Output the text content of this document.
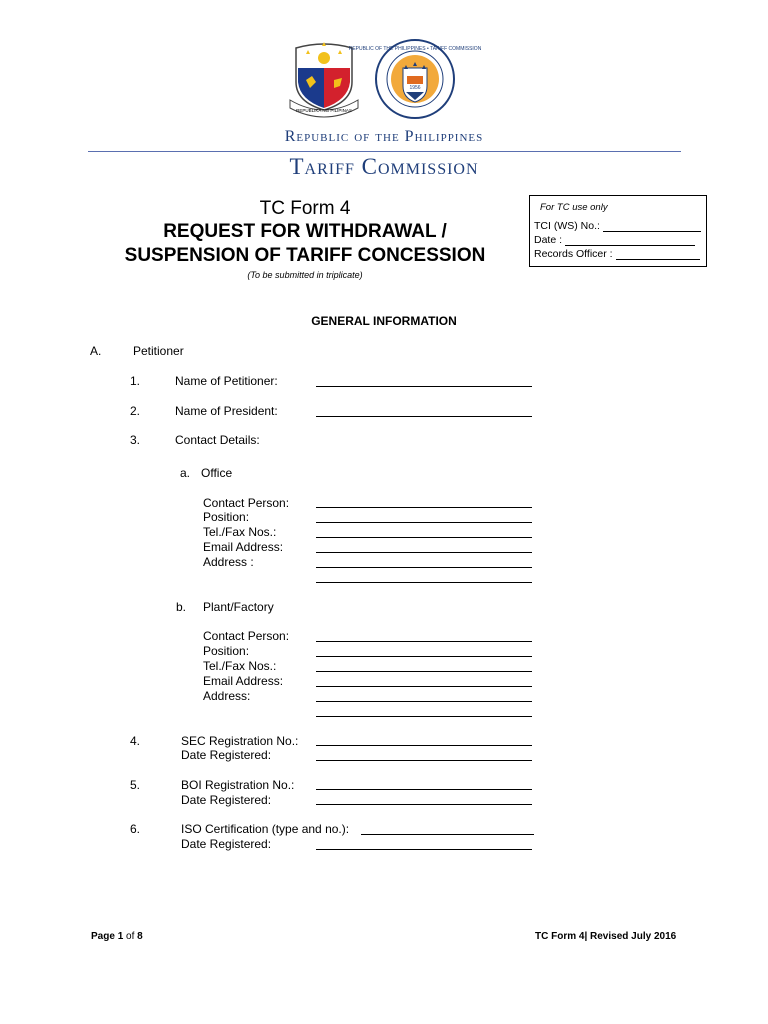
REPUBLIKA NG PILIPINAS
REPUBLIC OF THE PHILIPPINES • TARIFF COMMISSION
1956
Republic of the Philippines
Tariff Commission
TC Form 4
REQUEST FOR WITHDRAWAL /
SUSPENSION OF TARIFF CONCESSION
(To be submitted in triplicate)
For TC use only
TCI (WS) No.:
Date :
Records Officer :
GENERAL INFORMATION
A.	Petitioner
1.	Name of Petitioner:
2.	Name of President:
3.	Contact Details:
a. Office
Contact Person:
Position:
Tel./Fax Nos.:
Email Address:
Address :
b. Plant/Factory
Contact Person:
Position:
Tel./Fax Nos.:
Email Address:
Address:
4.	SEC Registration No.:
Date Registered:
5.	BOI Registration No.:
Date Registered:
6.	ISO Certification (type and no.):
Date Registered:
Page 1 of 8	TC Form 4| Revised July 2016
